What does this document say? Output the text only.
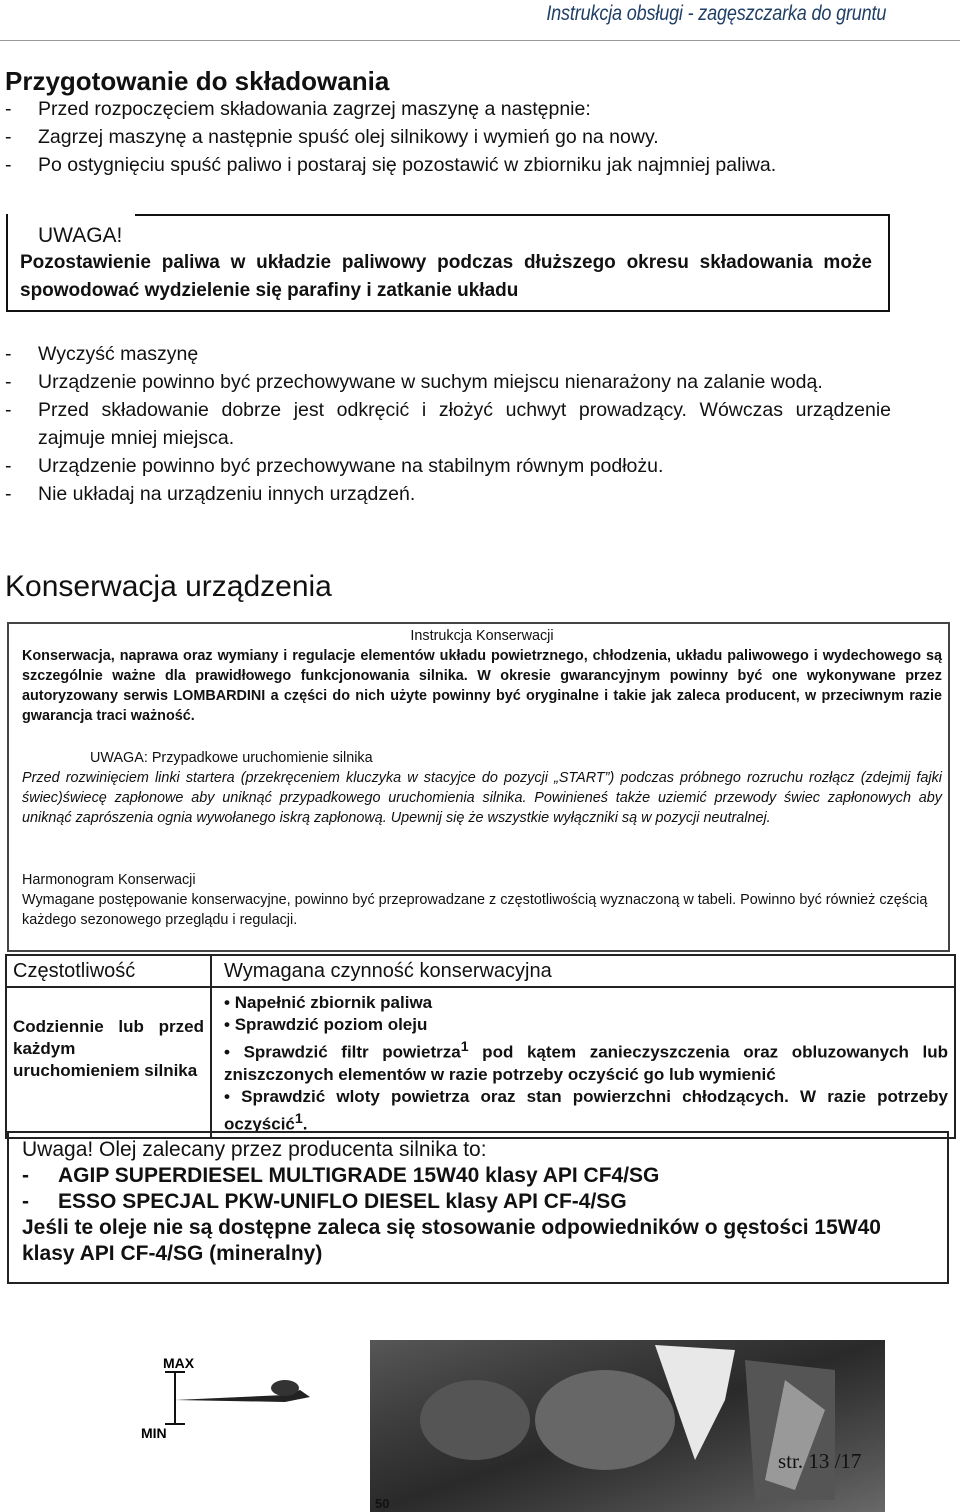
Instrukcja obsługi - zagęszczarka do gruntu
Przygotowanie do składowania
-	Przed rozpoczęciem składowania zagrzej maszynę a następnie:
-	Zagrzej maszynę a następnie spuść olej silnikowy i wymień go na nowy.
-	Po ostygnięciu spuść paliwo i postaraj się pozostawić w zbiorniku jak najmniej paliwa.
UWAGA!
Pozostawienie paliwa w układzie paliwowy podczas dłuższego okresu składowania może spowodować wydzielenie się parafiny i zatkanie układu
-	Wyczyść maszynę
-	Urządzenie powinno być przechowywane w suchym miejscu nienarażony na zalanie wodą.
-	Przed składowanie dobrze jest odkręcić i złożyć uchwyt prowadzący. Wówczas urządzenie zajmuje mniej miejsca.
-	Urządzenie powinno być przechowywane na stabilnym równym podłożu.
-	Nie układaj na urządzeniu innych urządzeń.
Konserwacja urządzenia
Instrukcja Konserwacji
Konserwacja, naprawa oraz wymiany i regulacje elementów układu powietrznego, chłodzenia, układu paliwowego i wydechowego są szczególnie ważne dla prawidłowego funkcjonowania silnika. W okresie gwarancyjnym powinny być one wykonywane przez autoryzowany serwis LOMBARDINI a części do nich użyte powinny być oryginalne i takie jak zaleca producent, w przeciwnym razie gwarancja traci ważność.
UWAGA: Przypadkowe uruchomienie silnika
Przed rozwinięciem linki startera (przekręceniem kluczyka w stacyjce do pozycji „START”) podczas próbnego rozruchu rozłącz (zdejmij fajki świec)świecę zapłonowe aby uniknąć przypadkowego uruchomienia silnika. Powinieneś także uziemić przewody świec zapłonowych aby uniknąć zaprószenia ognia wywołanego iskrą zapłonową. Upewnij się że wszystkie wyłączniki są w pozycji neutralnej.
Harmonogram Konserwacji
Wymagane postępowanie konserwacyjne, powinno być przeprowadzane z częstotliwością wyznaczoną w tabeli. Powinno być również częścią każdego sezonowego przeglądu i regulacji.
Częstotliwość	Wymagana czynność konserwacyjna
Codziennie lub przed każdym uruchomieniem silnika	• Napełnić zbiornik paliwa
• Sprawdzić poziom oleju
• Sprawdzić filtr powietrza$^1$ pod kątem zanieczyszczenia oraz obluzowanych lub zniszczonych elementów w razie potrzeby oczyścić go lub wymienić
• Sprawdzić wloty powietrza oraz stan powierzchni chłodzących. W razie potrzeby oczyścić$^1$.
Uwaga! Olej zalecany przez producenta silnika to:
-	AGIP SUPERDIESEL MULTIGRADE 15W40 klasy API CF4/SG
-	ESSO SPECJAL PKW-UNIFLO DIESEL klasy API CF-4/SG
Jeśli te oleje nie są dostępne zaleca się stosowanie odpowiedników o gęstości 15W40 klasy API CF-4/SG (mineralny)
MAX
MIN
50
str. 13 /17
